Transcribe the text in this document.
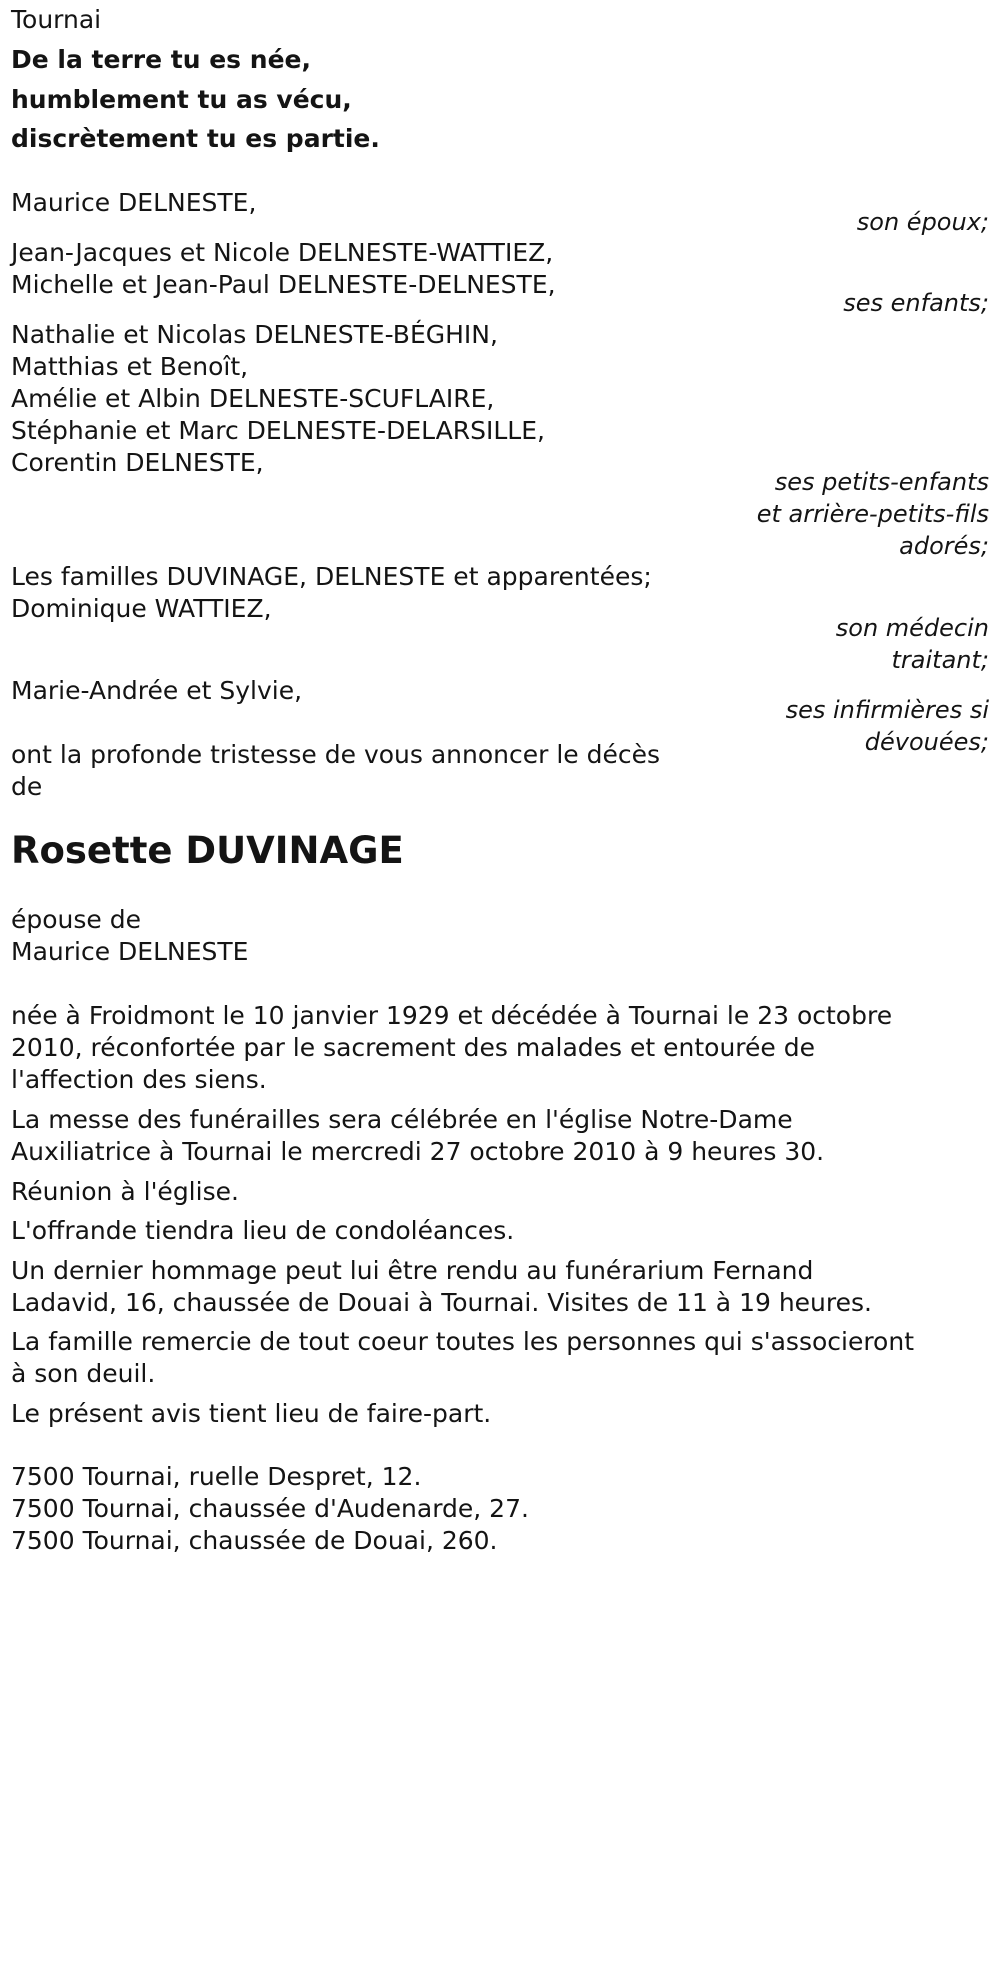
Tournai

De la terre tu es née,

humblement tu as vécu,

discrètement tu es partie.

Maurice DELNESTE,

son époux;

Jean-Jacques et Nicole DELNESTE-WATTIEZ,

Michelle et Jean-Paul DELNESTE-DELNESTE,

ses enfants;

Nathalie et Nicolas DELNESTE-BÉGHIN,

Matthias et Benoît,

Amélie et Albin DELNESTE-SCUFLAIRE,

Stéphanie et Marc DELNESTE-DELARSILLE,

Corentin DELNESTE,

ses petits-enfants

et arrière-petits-fils

adorés;

Les familles DUVINAGE, DELNESTE et apparentées;

Dominique WATTIEZ,

son médecin

traitant;

Marie-Andrée et Sylvie,

ses infirmières si

dévouées;

ont la profonde tristesse de vous annoncer le décès

de

Rosette DUVINAGE

épouse de

Maurice DELNESTE

née à Froidmont le 10 janvier 1929 et décédée à Tournai le 23 octobre

2010, réconfortée par le sacrement des malades et entourée de

l'affection des siens.

La messe des funérailles sera célébrée en l'église Notre-Dame

Auxiliatrice à Tournai le mercredi 27 octobre 2010 à 9 heures 30.

Réunion à l'église.

L'offrande tiendra lieu de condoléances.

Un dernier hommage peut lui être rendu au funérarium Fernand

Ladavid, 16, chaussée de Douai à Tournai. Visites de 11 à 19 heures.

La famille remercie de tout coeur toutes les personnes qui s'associeront

à son deuil.

Le présent avis tient lieu de faire-part.

7500 Tournai, ruelle Despret, 12.

7500 Tournai, chaussée d'Audenarde, 27.

7500 Tournai, chaussée de Douai, 260.
